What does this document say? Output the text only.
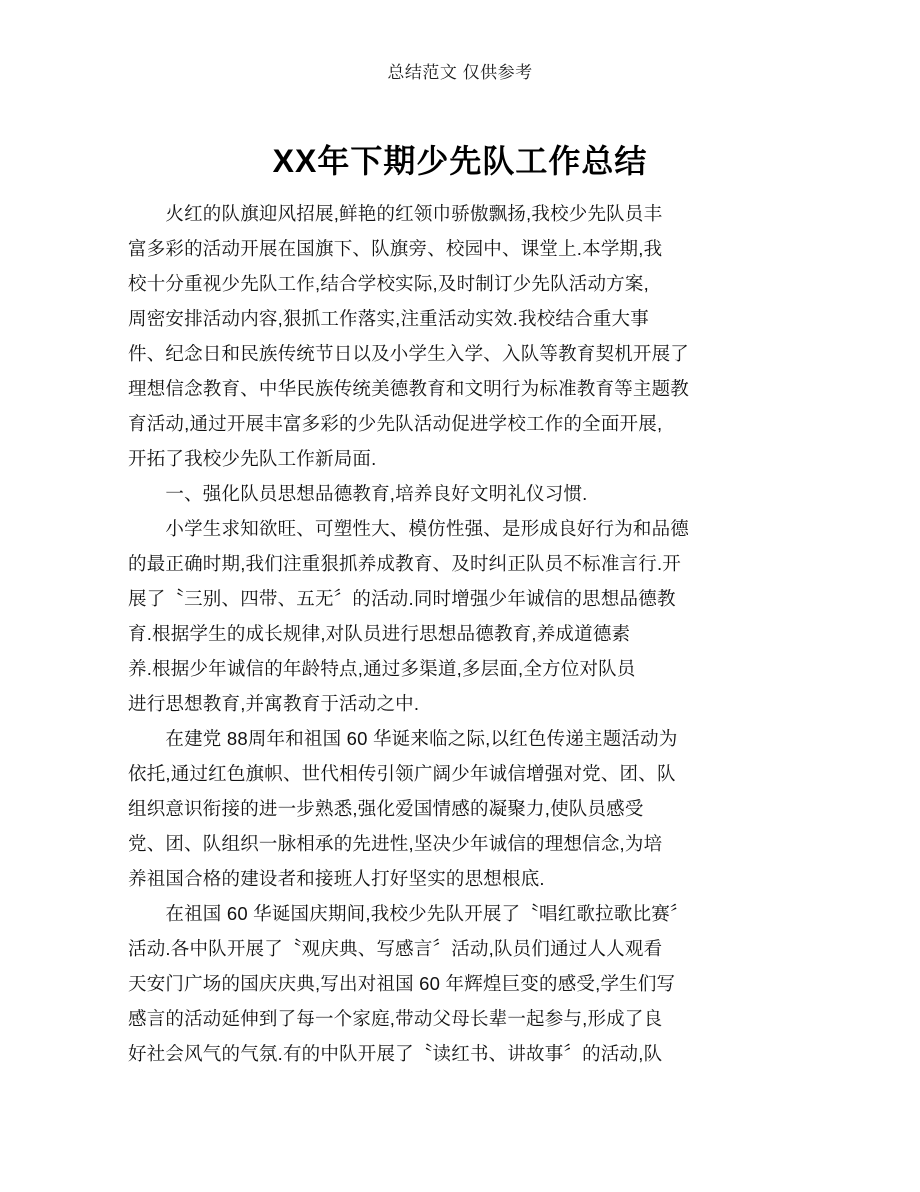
总结范文 仅供参考
XX年下期少先队工作总结

　　火红的队旗迎风招展,鲜艳的红领巾骄傲飘扬,我校少先队员丰
富多彩的活动开展在国旗下、队旗旁、校园中、课堂上.本学期,我
校十分重视少先队工作,结合学校实际,及时制订少先队活动方案,
周密安排活动内容,狠抓工作落实,注重活动实效.我校结合重大事
件、纪念日和民族传统节日以及小学生入学、入队等教育契机开展了
理想信念教育、中华民族传统美德教育和文明行为标准教育等主题教
育活动,通过开展丰富多彩的少先队活动促进学校工作的全面开展,
开拓了我校少先队工作新局面.

　　一、强化队员思想品德教育,培养良好文明礼仪习惯.

　　小学生求知欲旺、可塑性大、模仿性强、是形成良好行为和品德
的最正确时期,我们注重狠抓养成教育、及时纠正队员不标准言行.开
展了〝三别、四带、五无〞的活动.同时增强少年诚信的思想品德教
育.根据学生的成长规律,对队员进行思想品德教育,养成道德素
养.根据少年诚信的年龄特点,通过多渠道,多层面,全方位对队员
进行思想教育,并寓教育于活动之中.

　　在建党 88周年和祖国 60 华诞来临之际,以红色传递主题活动为
依托,通过红色旗帜、世代相传引领广阔少年诚信增强对党、团、队
组织意识衔接的进一步熟悉,强化爱国情感的凝聚力,使队员感受
党、团、队组织一脉相承的先进性,坚决少年诚信的理想信念,为培
养祖国合格的建设者和接班人打好坚实的思想根底.

　　在祖国 60 华诞国庆期间,我校少先队开展了〝唱红歌拉歌比赛〞
活动.各中队开展了〝观庆典、写感言〞活动,队员们通过人人观看
天安门广场的国庆庆典,写出对祖国 60 年辉煌巨变的感受,学生们写
感言的活动延伸到了每一个家庭,带动父母长辈一起参与,形成了良
好社会风气的气氛.有的中队开展了〝读红书、讲故事〞的活动,队
